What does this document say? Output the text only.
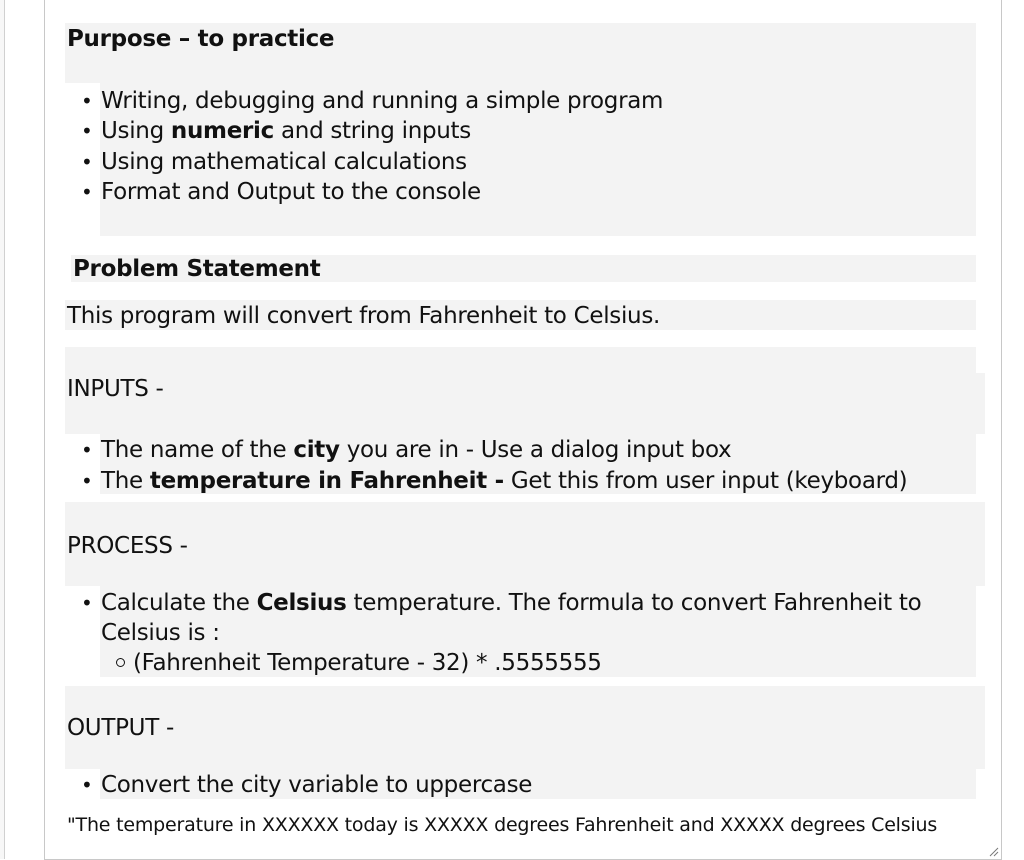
Purpose – to practice
• Writing, debugging and running a simple program
• Using numeric and string inputs
• Using mathematical calculations
• Format and Output to the console
Problem Statement
This program will convert from Fahrenheit to Celsius.
INPUTS -
• The name of the city you are in - Use a dialog input box
• The temperature in Fahrenheit - Get this from user input (keyboard)
PROCESS -
• Calculate the Celsius temperature. The formula to convert Fahrenheit to
Celsius is :
(Fahrenheit Temperature - 32) * .5555555
OUTPUT -
• Convert the city variable to uppercase
"The temperature in XXXXXX today is XXXXX degrees Fahrenheit and XXXXX degrees Celsius
